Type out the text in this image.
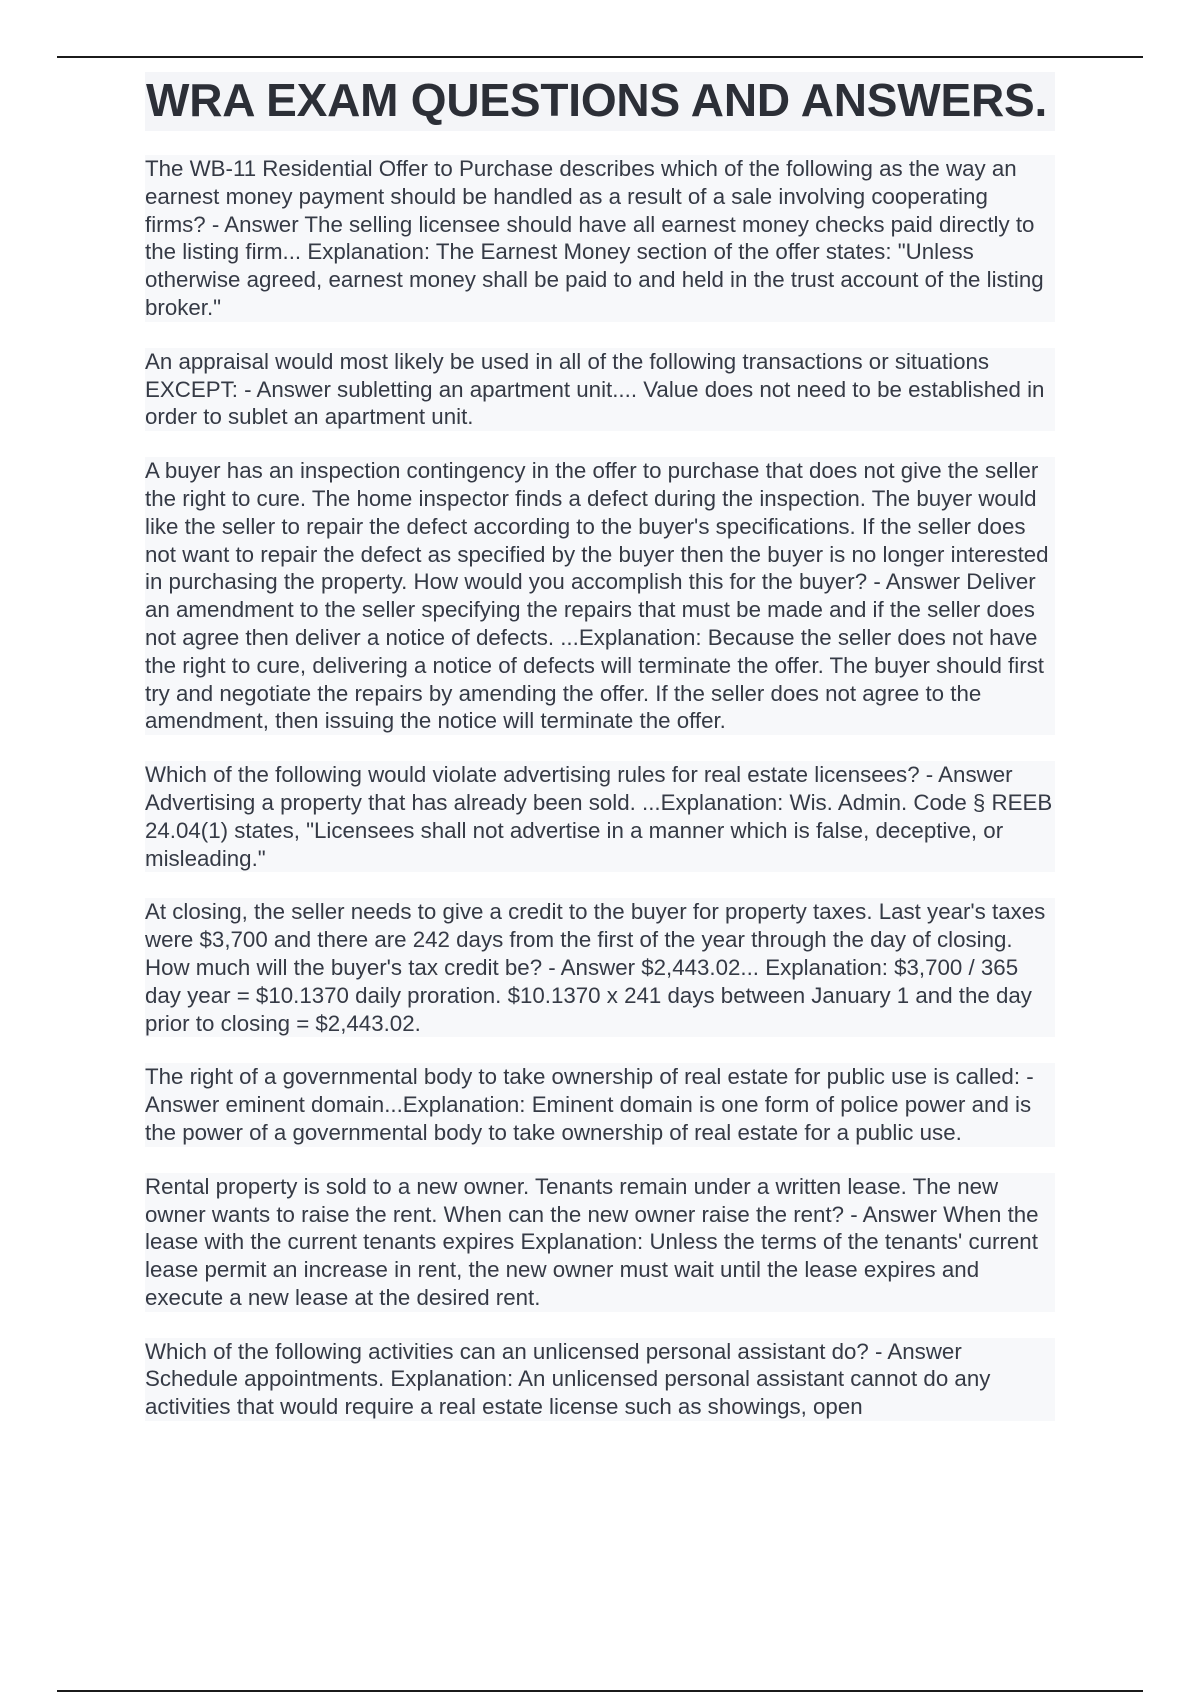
WRA EXAM QUESTIONS AND ANSWERS.

The WB-11 Residential Offer to Purchase describes which of the following as the way an earnest money payment should be handled as a result of a sale involving cooperating firms? - Answer The selling licensee should have all earnest money checks paid directly to the listing firm... Explanation: The Earnest Money section of the offer states: "Unless otherwise agreed, earnest money shall be paid to and held in the trust account of the listing broker."

An appraisal would most likely be used in all of the following transactions or situations EXCEPT: - Answer subletting an apartment unit.... Value does not need to be established in order to sublet an apartment unit.

A buyer has an inspection contingency in the offer to purchase that does not give the seller the right to cure. The home inspector finds a defect during the inspection. The buyer would like the seller to repair the defect according to the buyer's specifications. If the seller does not want to repair the defect as specified by the buyer then the buyer is no longer interested in purchasing the property. How would you accomplish this for the buyer? - Answer Deliver an amendment to the seller specifying the repairs that must be made and if the seller does not agree then deliver a notice of defects. ...Explanation: Because the seller does not have the right to cure, delivering a notice of defects will terminate the offer. The buyer should first try and negotiate the repairs by amending the offer. If the seller does not agree to the amendment, then issuing the notice will terminate the offer.

Which of the following would violate advertising rules for real estate licensees? - Answer Advertising a property that has already been sold. ...Explanation: Wis. Admin. Code § REEB 24.04(1) states, "Licensees shall not advertise in a manner which is false, deceptive, or misleading."

At closing, the seller needs to give a credit to the buyer for property taxes. Last year's taxes were $3,700 and there are 242 days from the first of the year through the day of closing. How much will the buyer's tax credit be? - Answer $2,443.02... Explanation: $3,700 / 365 day year = $10.1370 daily proration. $10.1370 x 241 days between January 1 and the day prior to closing = $2,443.02.

The right of a governmental body to take ownership of real estate for public use is called: - Answer eminent domain...Explanation: Eminent domain is one form of police power and is the power of a governmental body to take ownership of real estate for a public use.

Rental property is sold to a new owner. Tenants remain under a written lease. The new owner wants to raise the rent. When can the new owner raise the rent? - Answer When the lease with the current tenants expires Explanation: Unless the terms of the tenants' current lease permit an increase in rent, the new owner must wait until the lease expires and execute a new lease at the desired rent.

Which of the following activities can an unlicensed personal assistant do? - Answer Schedule appointments. Explanation: An unlicensed personal assistant cannot do any activities that would require a real estate license such as showings, open
